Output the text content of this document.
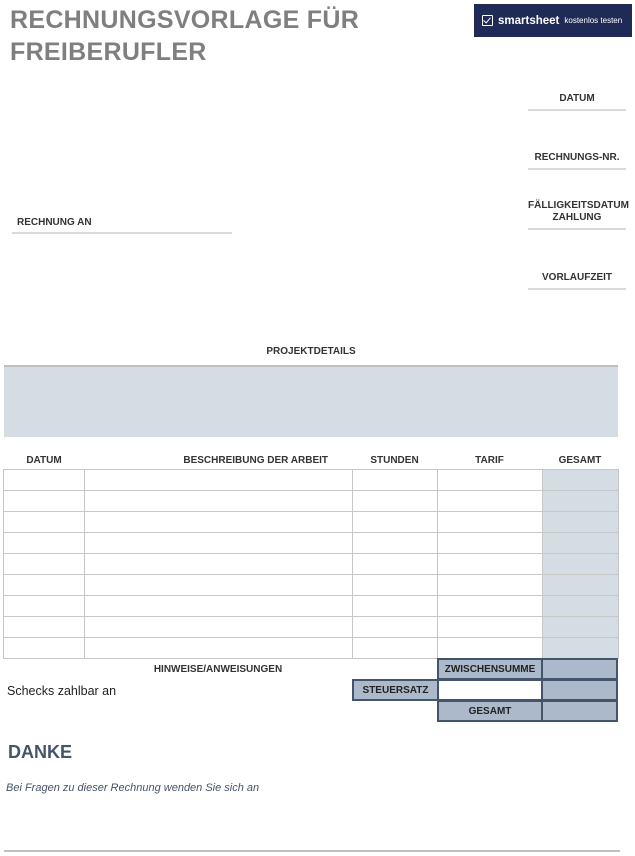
RECHNUNGSVORLAGE FÜR FREIBERUFLER
smartsheet kostenlos testen
DATUM
RECHNUNGS-NR.
FÄLLIGKEITSDATUM ZAHLUNG
VORLAUFZEIT
RECHNUNG AN
PROJEKTDETAILS
DATUM	BESCHREIBUNG DER ARBEIT	STUNDEN	TARIF	GESAMT

HINWEISE/ANWEISUNGEN
Schecks zahlbar an
ZWISCHENSUMME
STEUERSATZ
GESAMT
DANKE
Bei Fragen zu dieser Rechnung wenden Sie sich an
